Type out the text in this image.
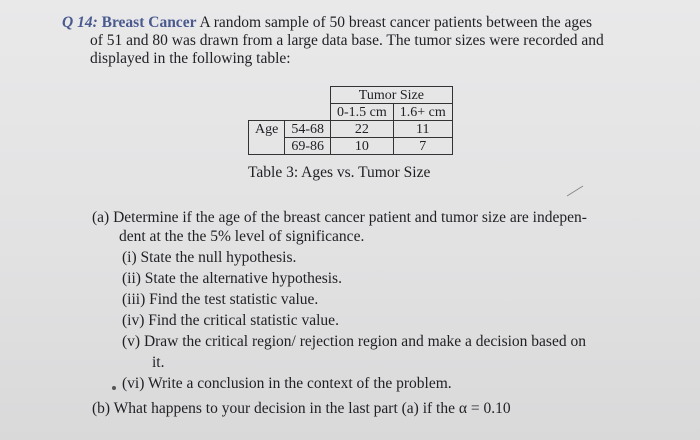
Q 14: Breast Cancer A random sample of 50 breast cancer patients between the ages
of 51 and 80 was drawn from a large data base. The tumor sizes were recorded and
displayed in the following table:
		Tumor Size	
		0-1.5 cm	1.6+ cm
Age	54-68	22	11
	69-86	10	7
Table 3: Ages vs. Tumor Size
(a) Determine if the age of the breast cancer patient and tumor size are indepen-
dent at the the 5% level of significance.
(i) State the null hypothesis.
(ii) State the alternative hypothesis.
(iii) Find the test statistic value.
(iv) Find the critical statistic value.
(v) Draw the critical region/ rejection region and make a decision based on
it.
(vi) Write a conclusion in the context of the problem.
(b) What happens to your decision in the last part (a) if the α = 0.10
